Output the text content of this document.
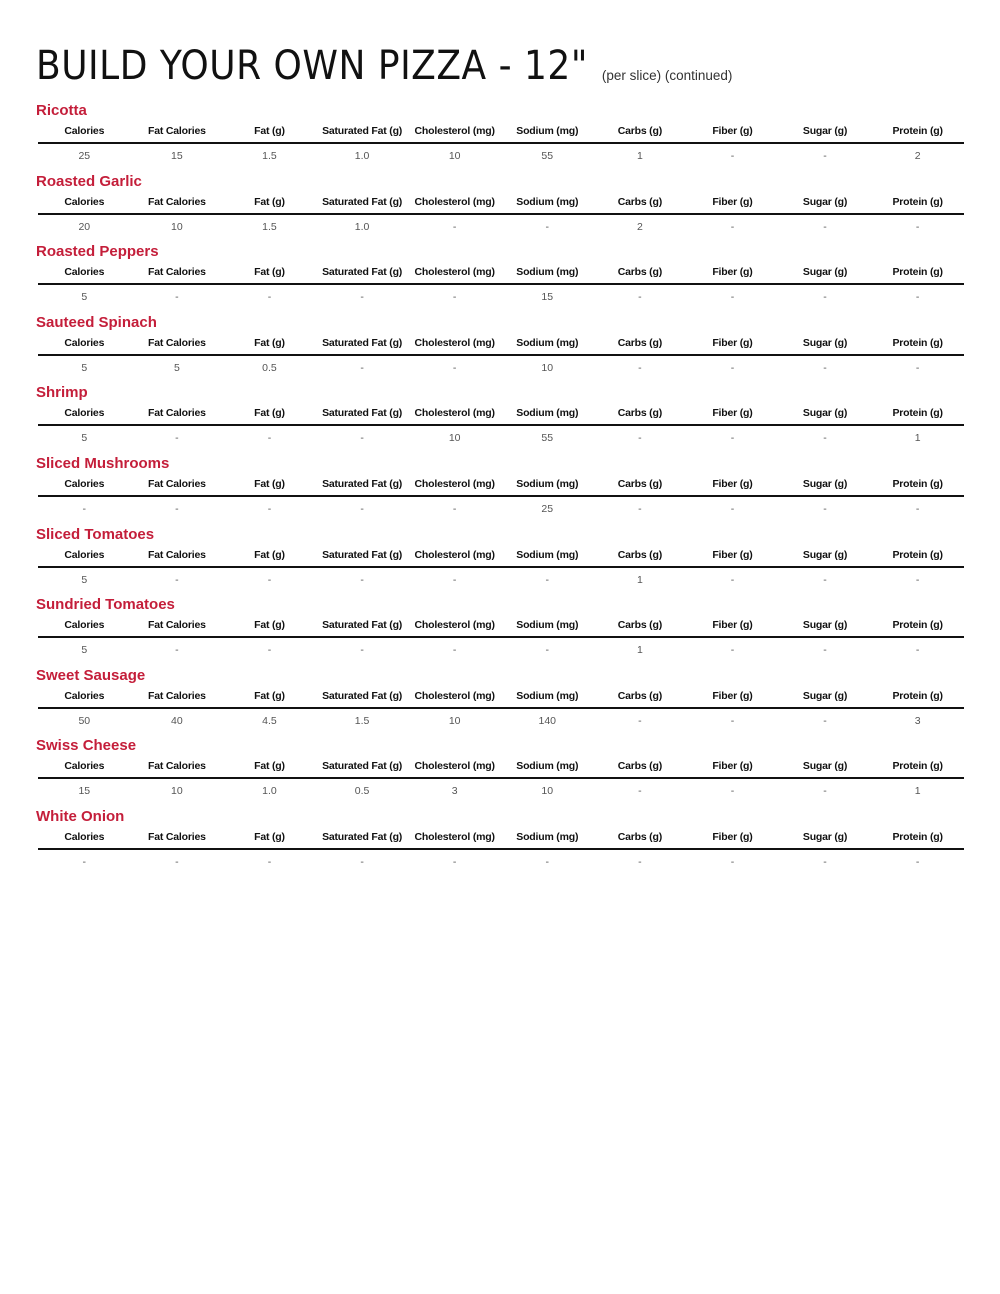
BUILD YOUR OWN PIZZA - 12" (per slice) (continued)
Ricotta
Calories	Fat Calories	Fat (g)	Saturated Fat (g)	Cholesterol (mg)	Sodium (mg)	Carbs (g)	Fiber (g)	Sugar (g)	Protein (g)
25	15	1.5	1.0	10	55	1	-	-	2
Roasted Garlic
Calories	Fat Calories	Fat (g)	Saturated Fat (g)	Cholesterol (mg)	Sodium (mg)	Carbs (g)	Fiber (g)	Sugar (g)	Protein (g)
20	10	1.5	1.0	-	-	2	-	-	-
Roasted Peppers
Calories	Fat Calories	Fat (g)	Saturated Fat (g)	Cholesterol (mg)	Sodium (mg)	Carbs (g)	Fiber (g)	Sugar (g)	Protein (g)
5	-	-	-	-	15	-	-	-	-
Sauteed Spinach
Calories	Fat Calories	Fat (g)	Saturated Fat (g)	Cholesterol (mg)	Sodium (mg)	Carbs (g)	Fiber (g)	Sugar (g)	Protein (g)
5	5	0.5	-	-	10	-	-	-	-
Shrimp
Calories	Fat Calories	Fat (g)	Saturated Fat (g)	Cholesterol (mg)	Sodium (mg)	Carbs (g)	Fiber (g)	Sugar (g)	Protein (g)
5	-	-	-	10	55	-	-	-	1
Sliced Mushrooms
Calories	Fat Calories	Fat (g)	Saturated Fat (g)	Cholesterol (mg)	Sodium (mg)	Carbs (g)	Fiber (g)	Sugar (g)	Protein (g)
-	-	-	-	-	25	-	-	-	-
Sliced Tomatoes
Calories	Fat Calories	Fat (g)	Saturated Fat (g)	Cholesterol (mg)	Sodium (mg)	Carbs (g)	Fiber (g)	Sugar (g)	Protein (g)
5	-	-	-	-	-	1	-	-	-
Sundried Tomatoes
Calories	Fat Calories	Fat (g)	Saturated Fat (g)	Cholesterol (mg)	Sodium (mg)	Carbs (g)	Fiber (g)	Sugar (g)	Protein (g)
5	-	-	-	-	-	1	-	-	-
Sweet Sausage
Calories	Fat Calories	Fat (g)	Saturated Fat (g)	Cholesterol (mg)	Sodium (mg)	Carbs (g)	Fiber (g)	Sugar (g)	Protein (g)
50	40	4.5	1.5	10	140	-	-	-	3
Swiss Cheese
Calories	Fat Calories	Fat (g)	Saturated Fat (g)	Cholesterol (mg)	Sodium (mg)	Carbs (g)	Fiber (g)	Sugar (g)	Protein (g)
15	10	1.0	0.5	3	10	-	-	-	1
White Onion
Calories	Fat Calories	Fat (g)	Saturated Fat (g)	Cholesterol (mg)	Sodium (mg)	Carbs (g)	Fiber (g)	Sugar (g)	Protein (g)
-	-	-	-	-	-	-	-	-	-
